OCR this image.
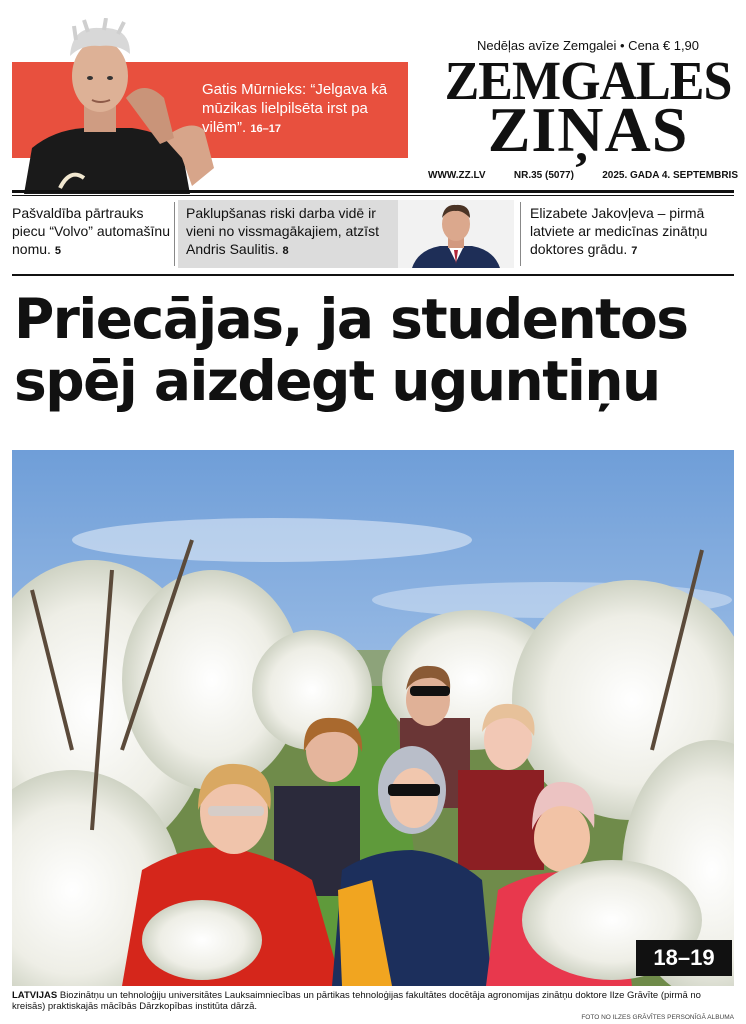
Gatis Mūrnieks: “Jelgava kā mūzikas lielpilsēta irst pa vilēm”. 16–17
Nedēļas avīze Zemgalei • Cena € 1,90
ZEMGALES
ZIŅAS
WWW.ZZ.LV	NR.35 (5077)	2025. GADA 4. SEPTEMBRIS
Pašvaldība pārtrauks piecu “Volvo” automašīnu nomu. 5
Paklupšanas riski darba vidē ir vieni no vissmagākajiem, atzīst Andris Saulitis. 8
Elizabete Jakovļeva – pirmā latviete ar medicīnas zinātņu doktores grādu. 7
Priecājas, ja studentos
spēj aizdegt uguntiņu
18–19
LATVIJAS Biozinātņu un tehnoloģiju universitātes Lauksaimniecības un pārtikas tehnoloģijas fakultātes docētāja agronomijas zinātņu doktore Ilze Grāvīte (pirmā no kreisās) praktiskajās mācībās Dārzkopības institūta dārzā.
FOTO NO ILZES GRĀVĪTES PERSONĪGĀ ALBUMA
